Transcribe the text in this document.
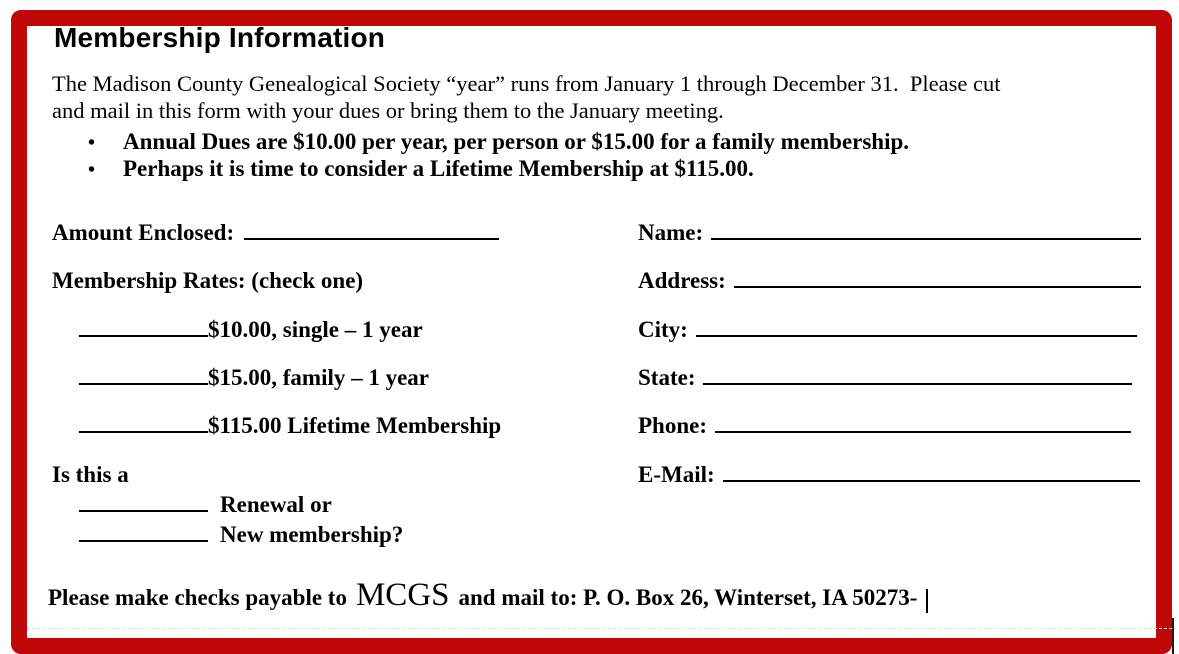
Membership Information

The Madison County Genealogical Society “year” runs from January 1 through December 31.  Please cut
and mail in this form with your dues or bring them to the January meeting.

•	Annual Dues are $10.00 per year, per person or $15.00 for a family membership.
•	Perhaps it is time to consider a Lifetime Membership at $115.00.
Amount Enclosed:
Membership Rates: (check one)
$10.00, single – 1 year
$15.00, family – 1 year
$115.00 Lifetime Membership
Is this a
Renewal or
New membership?
Name:
Address:
City:
State:
Phone:
E-Mail:
Please make checks payable to MCGS and mail to: P. O. Box 26, Winterset, IA 50273-
